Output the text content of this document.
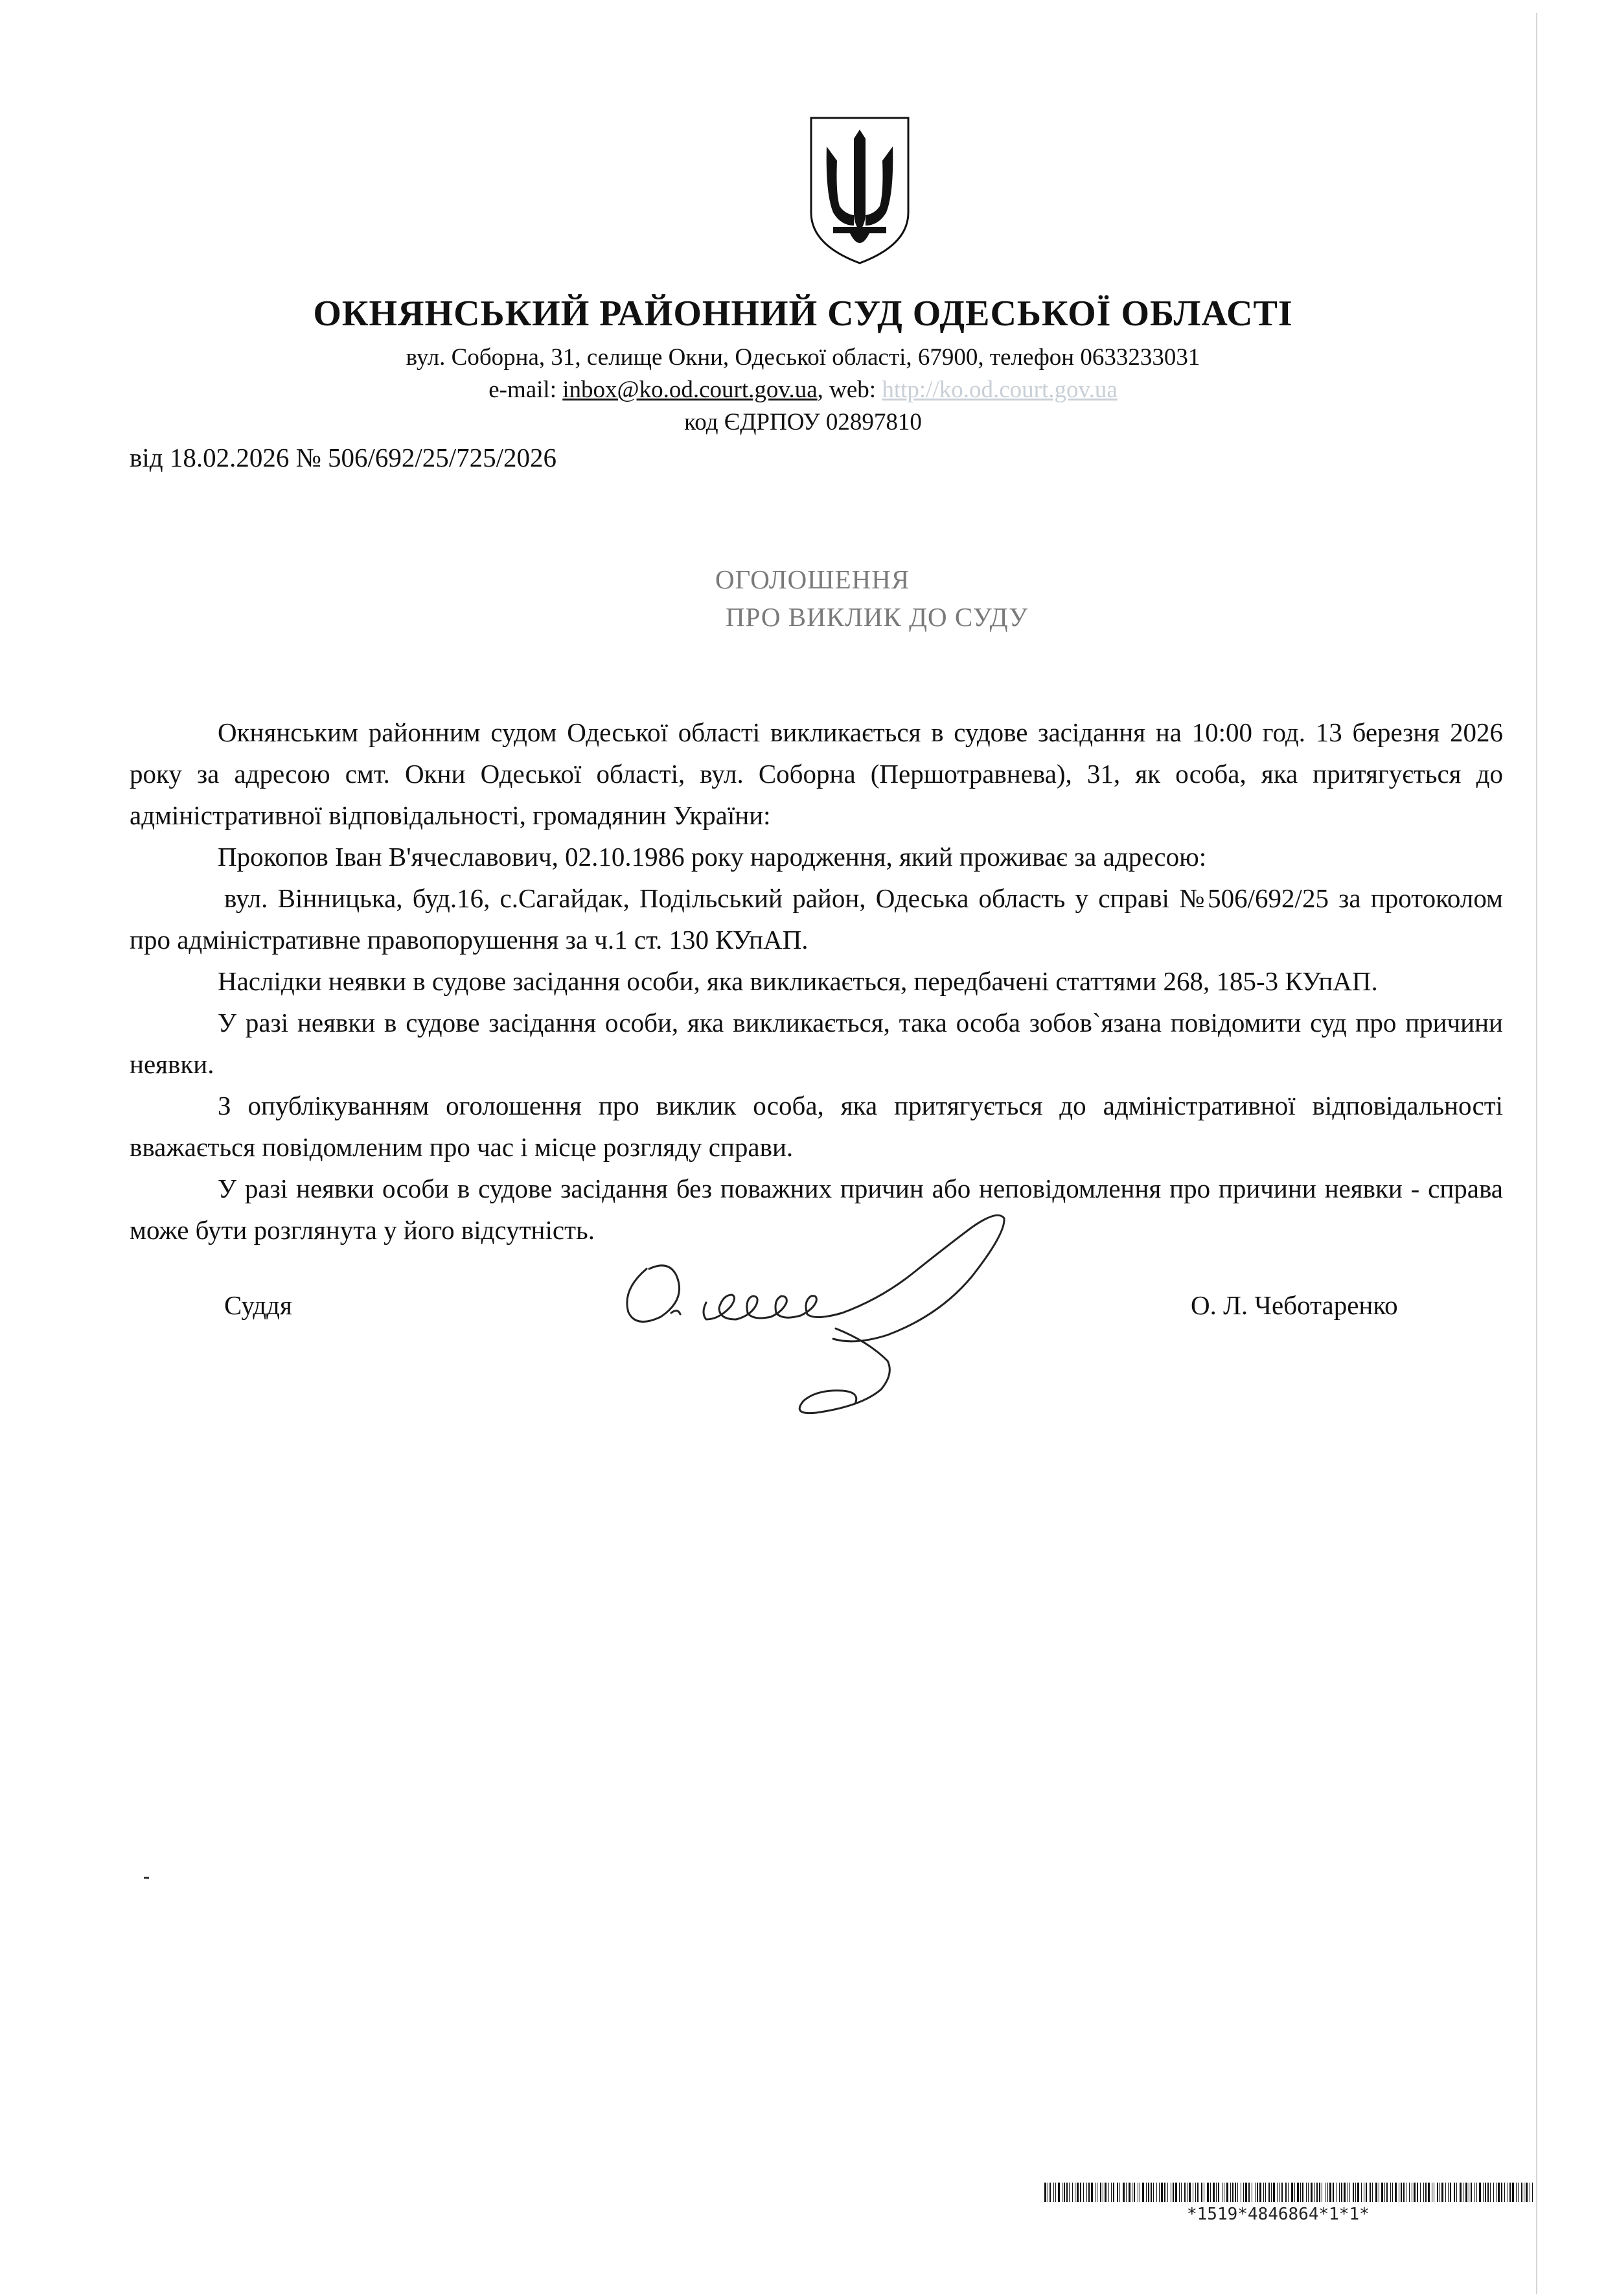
ОКНЯНСЬКИЙ РАЙОННИЙ СУД ОДЕСЬКОЇ ОБЛАСТІ
вул. Соборна, 31, селище Окни, Одеської області, 67900, телефон 0633233031
e-mail: inbox@ko.od.court.gov.ua, web: http://ko.od.court.gov.ua
код ЄДРПОУ 02897810
від 18.02.2026 № 506/692/25/725/2026
ОГОЛОШЕННЯ
ПРО ВИКЛИК ДО СУДУ

Окнянським районним судом Одеської області викликається в судове засідання на 10:00 год. 13 березня 2026 року за адресою смт. Окни Одеської області, вул. Соборна (Першотравнева), 31, як особа, яка притягується до адміністративної відповідальності, громадянин України:

Прокопов Іван В'ячеславович, 02.10.1986 року народження, який проживає за адресою:

вул. Вінницька, буд.16, с.Сагайдак, Подільський район, Одеська область у справі №506/692/25 за протоколом про адміністративне правопорушення за ч.1 ст. 130 КУпАП.

Наслідки неявки в судове засідання особи, яка викликається, передбачені статтями 268, 185-3 КУпАП.

У разі неявки в судове засідання особи, яка викликається, така особа зобов`язана повідомити суд про причини неявки.

З опублікуванням оголошення про виклик особа, яка притягується до адміністративної відповідальності вважається повідомленим про час і місце розгляду справи.

У разі неявки особи в судове засідання без поважних причин або неповідомлення про причини неявки - справа може бути розглянута у його відсутність.

Суддя	О. Л. Чеботаренко
*1519*4846864*1*1*
